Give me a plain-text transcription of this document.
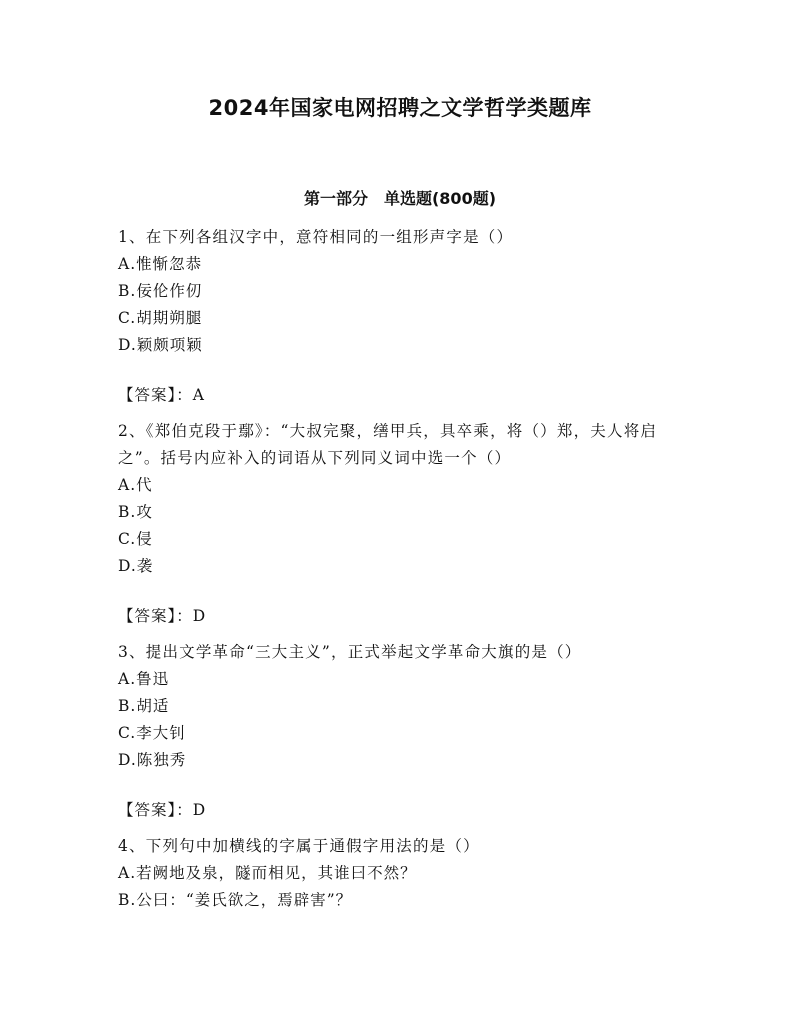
2024年国家电网招聘之文学哲学类题库
第一部分 单选题(800题)
1、在下列各组汉字中，意符相同的一组形声字是（）
A.惟惭忽恭
B.佞伦作仞
C.胡期朔腿
D.颖颇项颖
【答案】：A
2、《郑伯克段于鄢》：“大叔完聚，缮甲兵，具卒乘，将（）郑，夫人将启之”。括号内应补入的词语从下列同义词中选一个（）
A.代
B.攻
C.侵
D.袭
【答案】：D
3、提出文学革命“三大主义”，正式举起文学革命大旗的是（）
A.鲁迅
B.胡适
C.李大钊
D.陈独秀
【答案】：D
4、下列句中加横线的字属于通假字用法的是（）
A.若阙地及泉，隧而相见，其谁曰不然？
B.公曰：“姜氏欲之，焉辟害”？
